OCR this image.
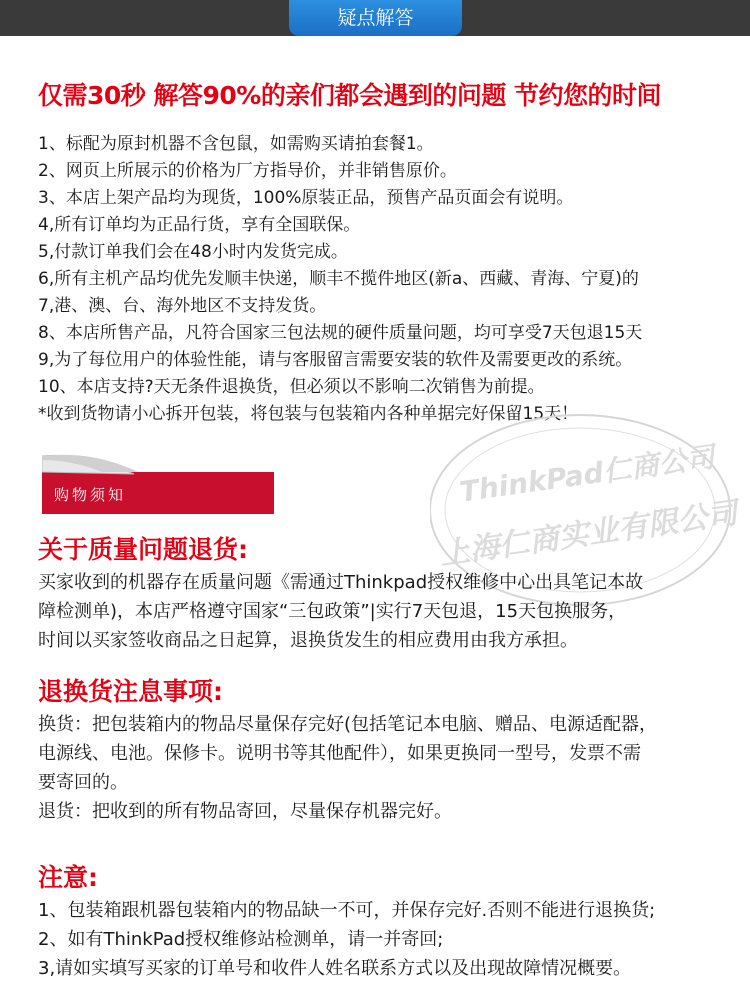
疑点解答
仅需30秒 解答90%的亲们都会遇到的问题 节约您的时间
1、标配为原封机器不含包鼠，如需购买请拍套餐1。
2、网页上所展示的价格为厂方指导价，并非销售原价。
3、本店上架产品均为现货，100%原装正品，预售产品页面会有说明。
4,所有订单均为正品行货，享有全国联保。
5,付款订单我们会在48小时内发货完成。
6,所有主机产品均优先发顺丰快递，顺丰不揽件地区(新a、西藏、青海、宁夏)的
7,港、澳、台、海外地区不支持发货。
8、本店所售产品，凡符合国家三包法规的硬件质量问题，均可享受7天包退15天
9,为了每位用户的体验性能，请与客服留言需要安装的软件及需要更改的系统。
10、本店支持?天无条件退换货，但必须以不影响二次销售为前提。
*收到货物请小心拆开包装，将包装与包装箱内各种单据完好保留15天！
购物须知	ThinkPad仁商公司
上海仁商实业有限公司
关于质量问题退货:

买家收到的机器存在质量问题《需通过Thinkpad授权维修中心出具笔记本故

障检测单)，本店严格遵守国家“三包政策”|实行7天包退，15天包换服务，

时间以买家签收商品之日起算，退换货发生的相应费用由我方承担。

退换货注息事项:

换货：把包装箱内的物品尽量保存完好(包括笔记本电脑、赠品、电源适配器，

电源线、电池。保修卡。说明书等其他配件），如果更换同一型号，发票不需

要寄回的。

退货：把收到的所有物品寄回，尽量保存机器完好。

注意:

1、包装箱跟机器包装箱内的物品缺一不可，并保存完好.否则不能进行退换货;

2、如有ThinkPad授权维修站检测单，请一并寄回;

3,请如实填写买家的订单号和收件人姓名联系方式以及出现故障情况概要。
